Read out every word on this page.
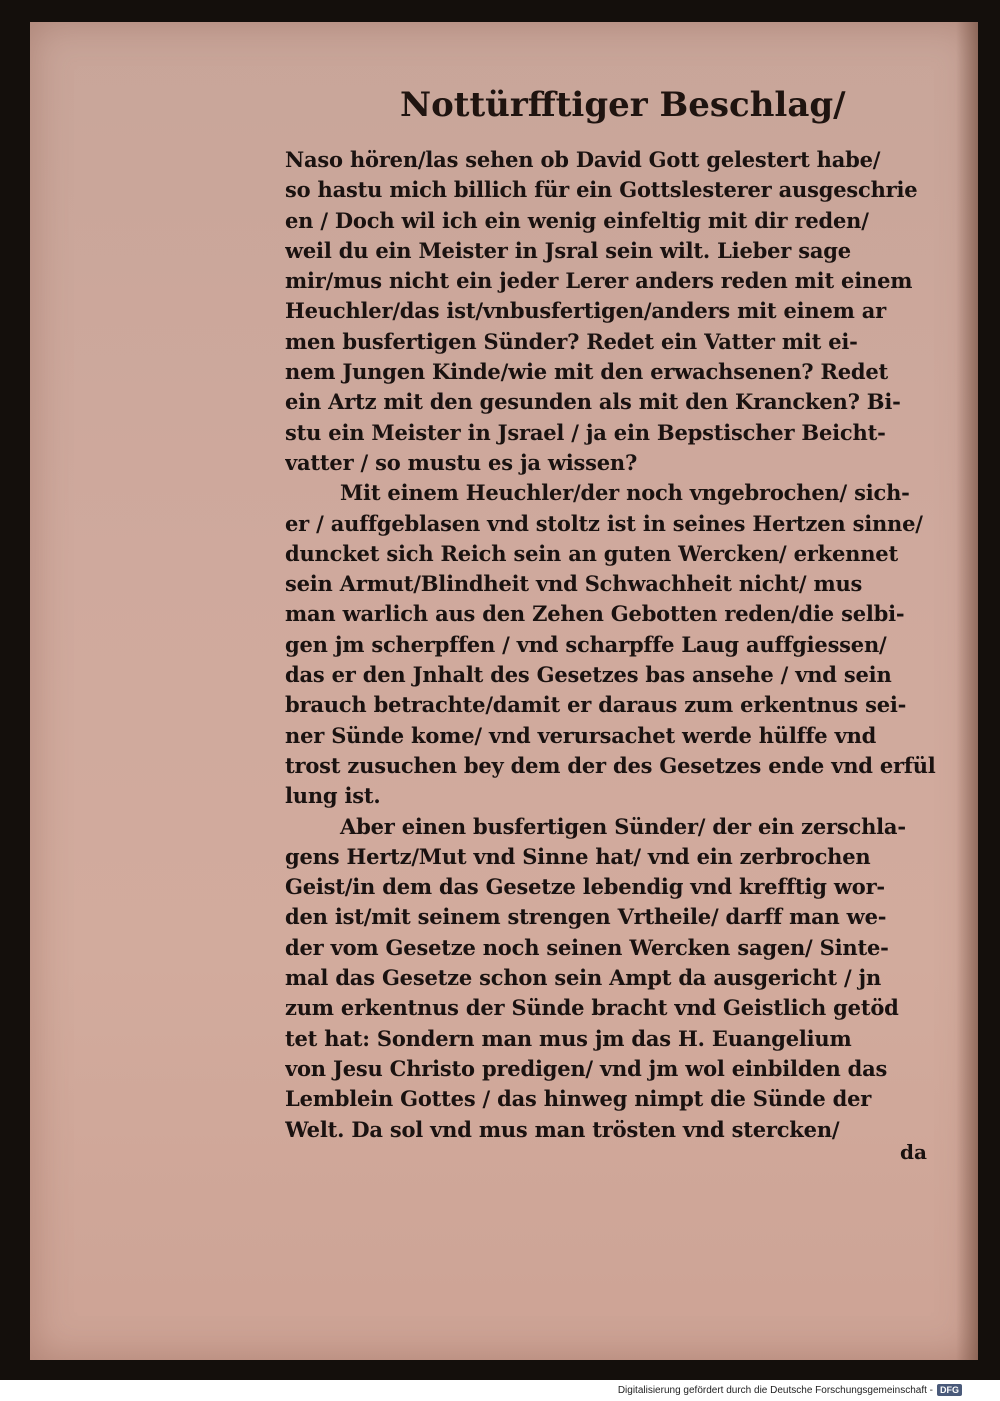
Nottürfftiger Beschlag/
Naso hören/las sehen ob David Gott gelestert habe/
so hastu mich billich für ein Gottslesterer ausgeschrie
en / Doch wil ich ein wenig einfeltig mit dir reden/
weil du ein Meister in Jsral sein wilt. Lieber sage
mir/mus nicht ein jeder Lerer anders reden mit einem
Heuchler/das ist/vnbusfertigen/anders mit einem ar
men busfertigen Sünder? Redet ein Vatter mit ei-
nem Jungen Kinde/wie mit den erwachsenen? Redet
ein Artz mit den gesunden als mit den Krancken? Bi-
stu ein Meister in Jsrael / ja ein Bepstischer Beicht-
vatter / so mustu es ja wissen?
Mit einem Heuchler/der noch vngebrochen/ sich-
er / auffgeblasen vnd stoltz ist in seines Hertzen sinne/
duncket sich Reich sein an guten Wercken/ erkennet
sein Armut/Blindheit vnd Schwachheit nicht/ mus
man warlich aus den Zehen Gebotten reden/die selbi-
gen jm scherpffen / vnd scharpffe Laug auffgiessen/
das er den Jnhalt des Gesetzes bas ansehe / vnd sein
brauch betrachte/damit er daraus zum erkentnus sei-
ner Sünde kome/ vnd verursachet werde hülffe vnd
trost zusuchen bey dem der des Gesetzes ende vnd erfül
lung ist.
Aber einen busfertigen Sünder/ der ein zerschla-
gens Hertz/Mut vnd Sinne hat/ vnd ein zerbrochen
Geist/in dem das Gesetze lebendig vnd krefftig wor-
den ist/mit seinem strengen Vrtheile/ darff man we-
der vom Gesetze noch seinen Wercken sagen/ Sinte-
mal das Gesetze schon sein Ampt da ausgericht / jn
zum erkentnus der Sünde bracht vnd Geistlich getöd
tet hat: Sondern man mus jm das H. Euangelium
von Jesu Christo predigen/ vnd jm wol einbilden das
Lemblein Gottes / das hinweg nimpt die Sünde der
Welt. Da sol vnd mus man trösten vnd stercken/
da
Digitalisierung gefördert durch die Deutsche Forschungsgemeinschaft - DFG
